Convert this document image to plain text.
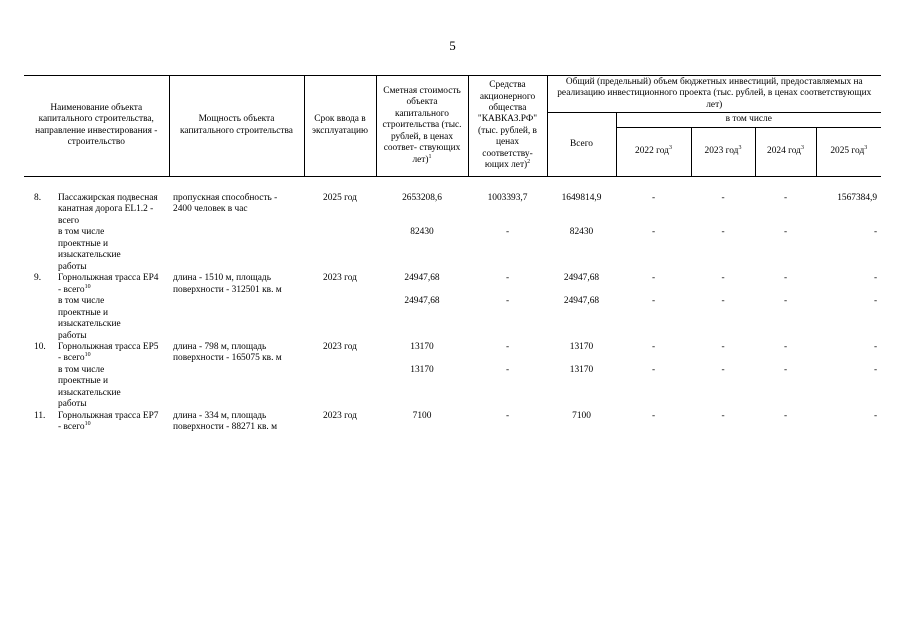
5
Наименование объекта капитального строительства, направление инвестирования - строительство	Мощность объекта капитального строительства	Срок ввода в эксплуатацию	Сметная стоимость объекта капитального строительства (тыс. рублей, в ценах соответ- ствующих лет)$^1$	Средства акционерного общества "КАВКАЗ.РФ" (тыс. рублей, в ценах соответству- ющих лет)$^2$	Общий (предельный) объем бюджетных инвестиций, предоставляемых на реализацию инвестиционного проекта (тыс. рублей, в ценах соответствующих лет)				
					Всего	в том числе			
						2022 год$^3$	2023 год$^3$	2024 год$^3$	2025 год$^3$

8. Пассажирская подвесная канатная дорога EL1.2 - всего	пропускная способность - 2400 человек в час	2025 год	2653208,6	1003393,7	1649814,9	-	-	-	1567384,9

в том числе проектные и изыскательские работы			82430	-	82430	-	-	-	-

9. Горнолыжная трасса EP4 - всего$^{10}$	длина - 1510 м, площадь поверхности - 312501 кв. м	2023 год	24947,68	-	24947,68	-	-	-	-

в том числе проектные и изыскательские работы			24947,68	-	24947,68	-	-	-	-

10. Горнолыжная трасса EP5 - всего$^{10}$	длина - 798 м, площадь поверхности - 165075 кв. м	2023 год	13170	-	13170	-	-	-	-

в том числе проектные и изыскательские работы			13170	-	13170	-	-	-	-

11. Горнолыжная трасса EP7 - всего$^{10}$	длина - 334 м, площадь поверхности - 88271 кв. м	2023 год	7100	-	7100	-	-	-	-
